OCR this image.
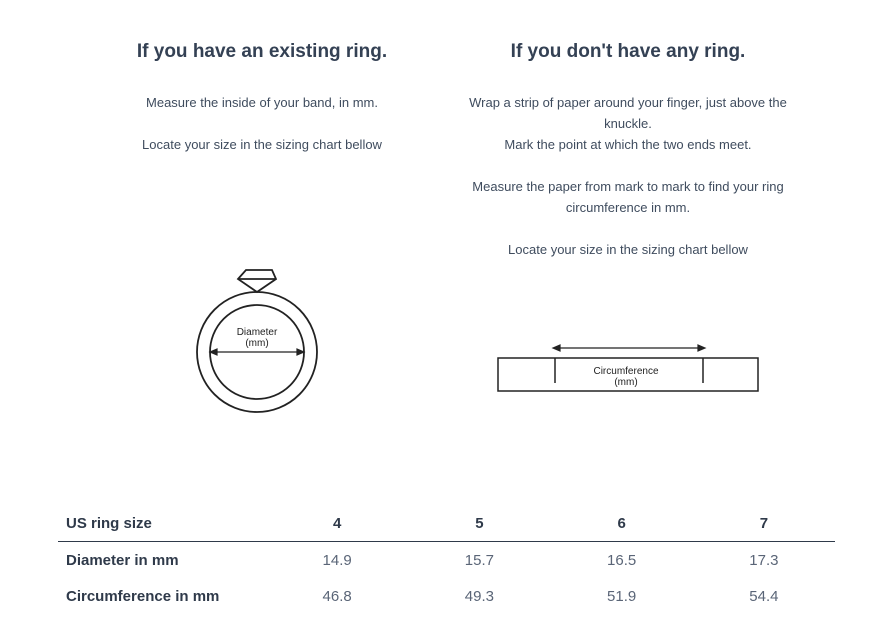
If you have an existing ring.

Measure the inside of your band, in mm.

Locate your size in the sizing chart bellow

If you don't have any ring.

Wrap a strip of paper around your finger, just above the knuckle.

Mark the point at which the two ends meet.

Measure the paper from mark to mark to find your ring circumference in mm.

Locate your size in the sizing chart bellow

Diameter
(mm)
Circumference
(mm)
US ring size	4	5	6	7
Diameter in mm	14.9	15.7	16.5	17.3
Circumference in mm	46.8	49.3	51.9	54.4
